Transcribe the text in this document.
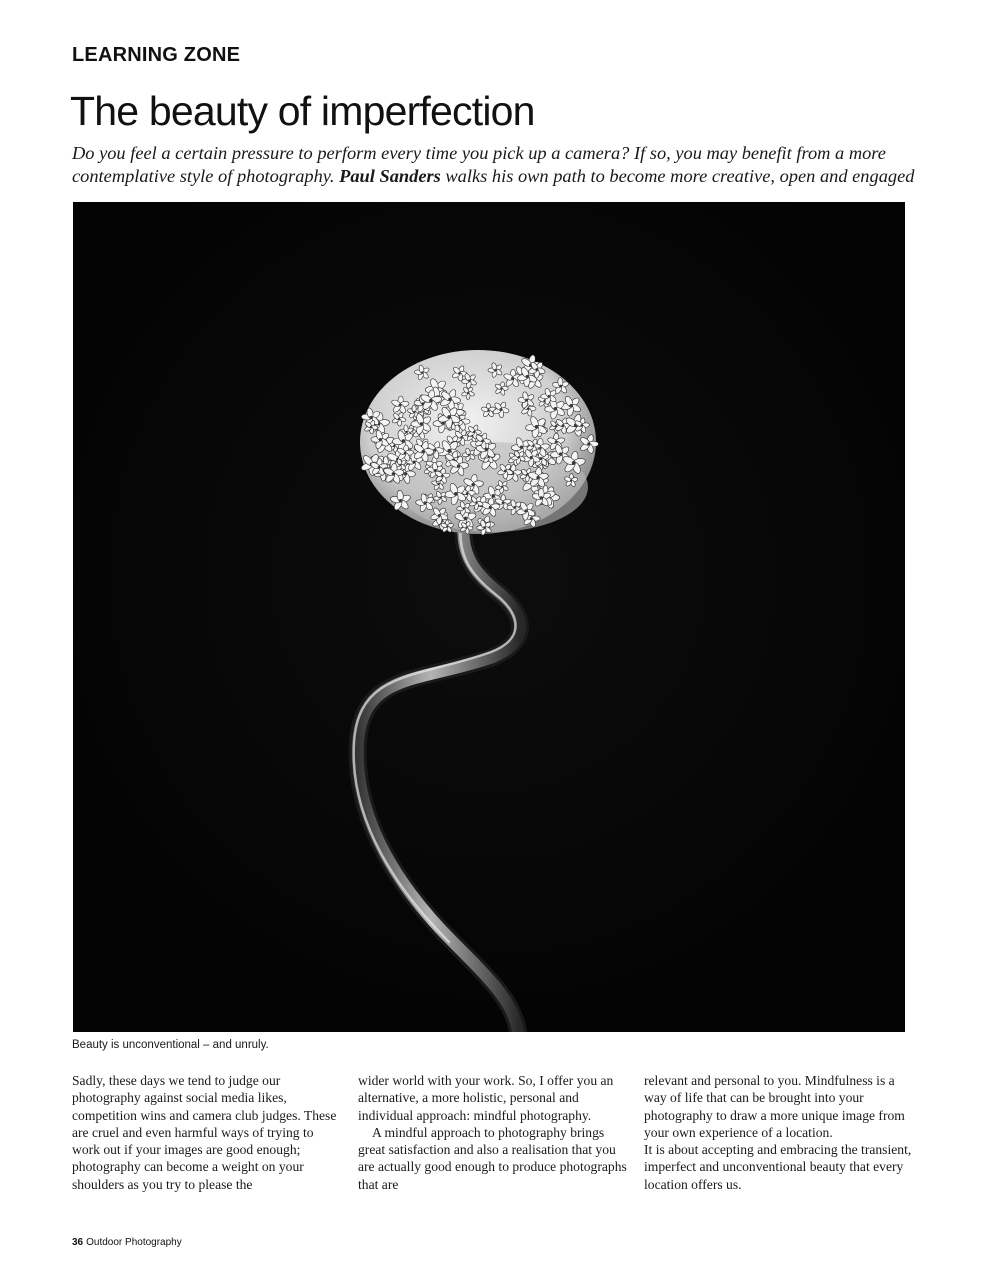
LEARNING ZONE
The beauty of imperfection

Do you feel a certain pressure to perform every time you pick up a camera? If so, you may benefit from a more contemplative style of photography. Paul Sanders walks his own path to become more creative, open and engaged

Beauty is unconventional – and unruly.

Sadly, these days we tend to judge our photography against social media likes, competition wins and camera club judges. These are cruel and even harmful ways of trying to work out if your images are good enough; photography can become a weight on your shoulders as you try to please the

wider world with your work. So, I offer you an alternative, a more holistic, personal and individual approach: mindful photography.

A mindful approach to photography brings great satisfaction and also a realisation that you are actually good enough to produce photographs that are

relevant and personal to you. Mindfulness is a way of life that can be brought into your photography to draw a more unique image from your own experience of a location.

It is about accepting and embracing the transient, imperfect and unconventional beauty that every location offers us.

36 Outdoor Photography
